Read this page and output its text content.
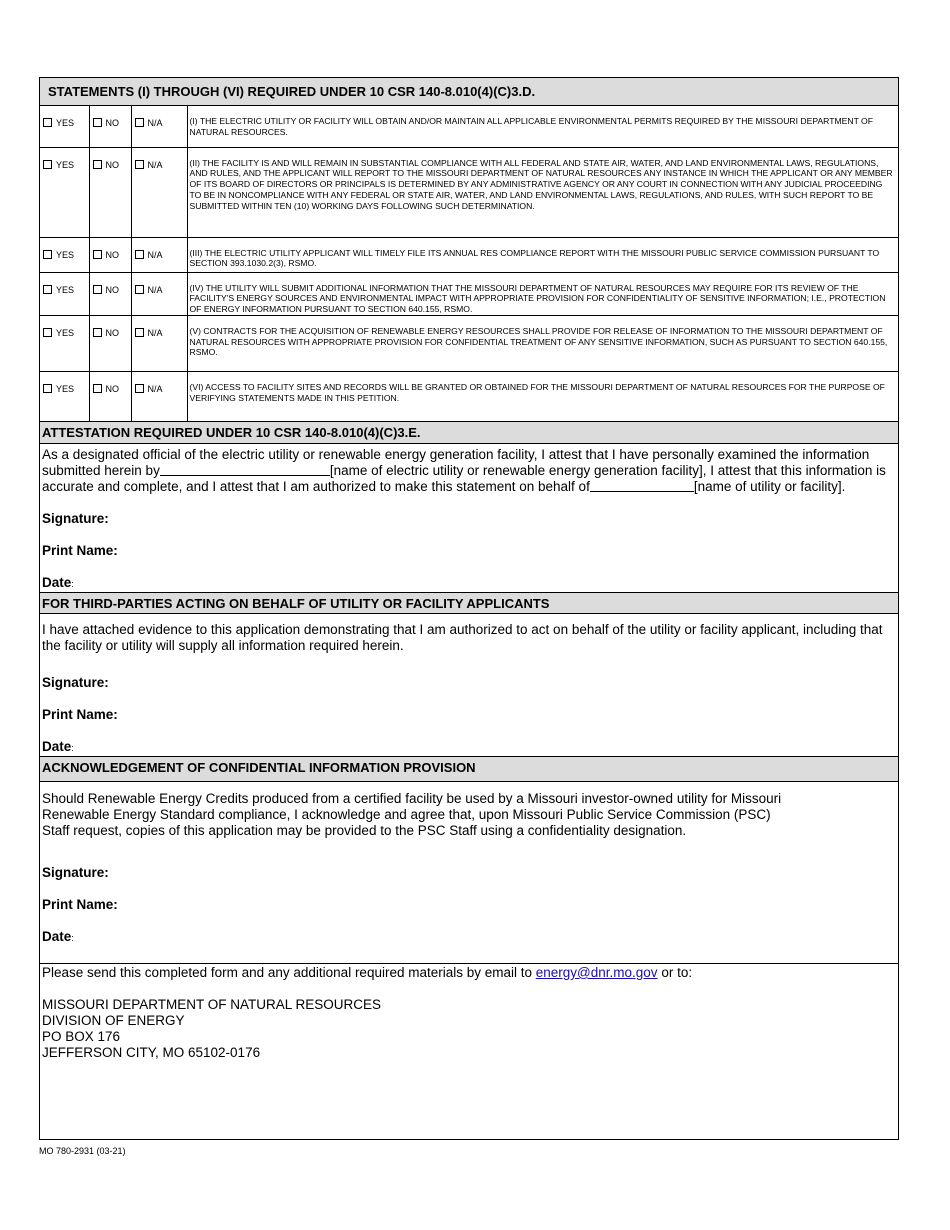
STATEMENTS (I) THROUGH (VI) REQUIRED UNDER 10 CSR 140-8.010(4)(C)3.D.
YES	NO	N/A	(I) THE ELECTRIC UTILITY OR FACILITY WILL OBTAIN AND/OR MAINTAIN ALL APPLICABLE ENVIRONMENTAL PERMITS REQUIRED BY THE MISSOURI DEPARTMENT OF NATURAL RESOURCES.
YES	NO	N/A	(II) THE FACILITY IS AND WILL REMAIN IN SUBSTANTIAL COMPLIANCE WITH ALL FEDERAL AND STATE AIR, WATER, AND LAND ENVIRONMENTAL LAWS, REGULATIONS, AND RULES, AND THE APPLICANT WILL REPORT TO THE MISSOURI DEPARTMENT OF NATURAL RESOURCES ANY INSTANCE IN WHICH THE APPLICANT OR ANY MEMBER OF ITS BOARD OF DIRECTORS OR PRINCIPALS IS DETERMINED BY ANY ADMINISTRATIVE AGENCY OR ANY COURT IN CONNECTION WITH ANY JUDICIAL PROCEEDING TO BE IN NONCOMPLIANCE WITH ANY FEDERAL OR STATE AIR, WATER, AND LAND ENVIRONMENTAL LAWS, REGULATIONS, AND RULES, WITH SUCH REPORT TO BE SUBMITTED WITHIN TEN (10) WORKING DAYS FOLLOWING SUCH DETERMINATION.
YES	NO	N/A	(III) THE ELECTRIC UTILITY APPLICANT WILL TIMELY FILE ITS ANNUAL RES COMPLIANCE REPORT WITH THE MISSOURI PUBLIC SERVICE COMMISSION PURSUANT TO SECTION 393.1030.2(3), RSMO.
YES	NO	N/A	(IV) THE UTILITY WILL SUBMIT ADDITIONAL INFORMATION THAT THE MISSOURI DEPARTMENT OF NATURAL RESOURCES MAY REQUIRE FOR ITS REVIEW OF THE FACILITY'S ENERGY SOURCES AND ENVIRONMENTAL IMPACT WITH APPROPRIATE PROVISION FOR CONFIDENTIALITY OF SENSITIVE INFORMATION; I.E., PROTECTION OF ENERGY INFORMATION PURSUANT TO SECTION 640.155, RSMO.
YES	NO	N/A	(V) CONTRACTS FOR THE ACQUISITION OF RENEWABLE ENERGY RESOURCES SHALL PROVIDE FOR RELEASE OF INFORMATION TO THE MISSOURI DEPARTMENT OF NATURAL RESOURCES WITH APPROPRIATE PROVISION FOR CONFIDENTIAL TREATMENT OF ANY SENSITIVE INFORMATION, SUCH AS PURSUANT TO SECTION 640.155, RSMO.
YES	NO	N/A	(VI) ACCESS TO FACILITY SITES AND RECORDS WILL BE GRANTED OR OBTAINED FOR THE MISSOURI DEPARTMENT OF NATURAL RESOURCES FOR THE PURPOSE OF VERIFYING STATEMENTS MADE IN THIS PETITION.
ATTESTATION REQUIRED UNDER 10 CSR 140-8.010(4)(C)3.E.
As a designated official of the electric utility or renewable energy generation facility, I attest that I have personally examined the information submitted herein by	[name of electric utility or renewable energy generation facility], I attest that this information is accurate and complete, and I attest that I am authorized to make this statement on behalf of	[name of utility or facility].
Signature:
Print Name:
Date:
FOR THIRD-PARTIES ACTING ON BEHALF OF UTILITY OR FACILITY APPLICANTS
I have attached evidence to this application demonstrating that I am authorized to act on behalf of the utility or facility applicant, including that the facility or utility will supply all information required herein.
Signature:
Print Name:
Date:
ACKNOWLEDGEMENT OF CONFIDENTIAL INFORMATION PROVISION
Should Renewable Energy Credits produced from a certified facility be used by a Missouri investor-owned utility for Missouri
Renewable Energy Standard compliance, I acknowledge and agree that, upon Missouri Public Service Commission (PSC)
Staff request, copies of this application may be provided to the PSC Staff using a confidentiality designation.
Signature:
Print Name:
Date:
Please send this completed form and any additional required materials by email to energy@dnr.mo.gov or to:
MISSOURI DEPARTMENT OF NATURAL RESOURCES
DIVISION OF ENERGY
PO BOX 176
JEFFERSON CITY, MO 65102-0176
MO 780-2931 (03-21)
